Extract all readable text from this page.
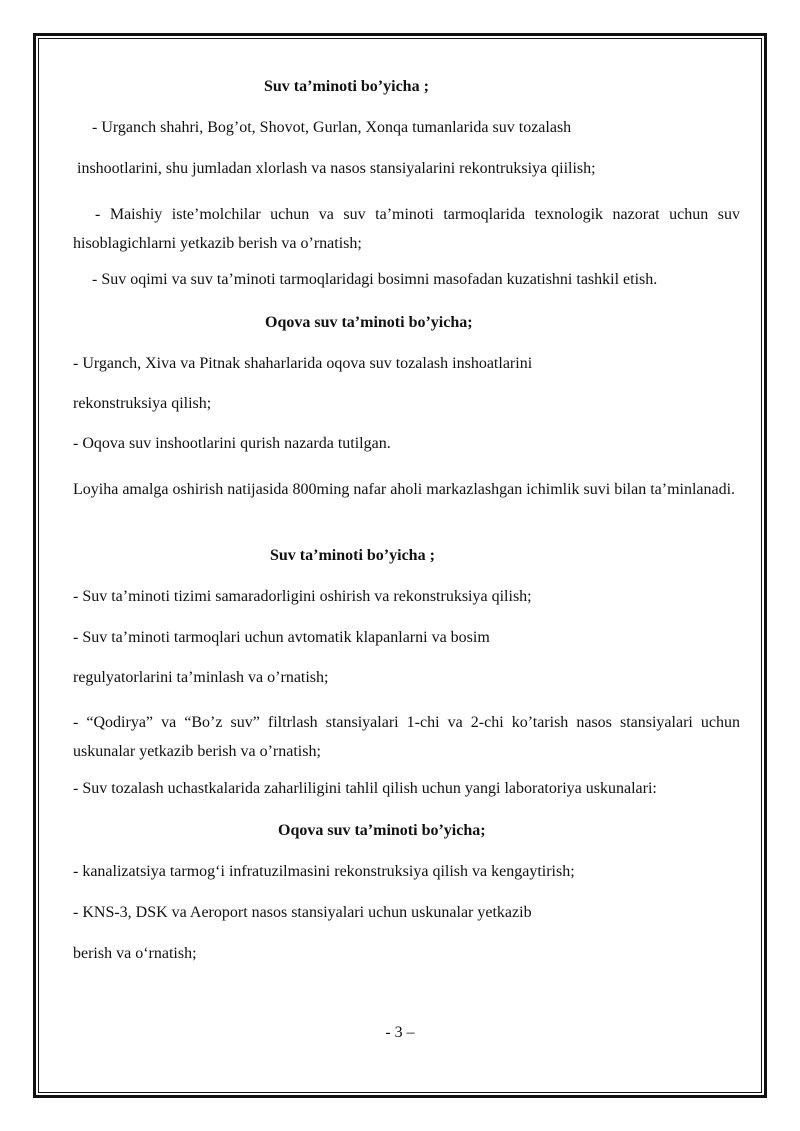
Suv ta’minoti bo’yicha ;
- Urganch shahri, Bog’ot, Shovot, Gurlan, Xonqa tumanlarida suv tozalash
inshootlarini, shu jumladan xlorlash va nasos stansiyalarini rekontruksiya qiilish;
- Maishiy iste’molchilar uchun va suv ta’minoti tarmoqlarida texnologik nazorat uchun suv hisoblagichlarni yetkazib berish va o’rnatish;
- Suv oqimi va suv ta’minoti tarmoqlaridagi bosimni masofadan kuzatishni tashkil etish.
Oqova suv ta’minoti bo’yicha;
- Urganch, Xiva va Pitnak shaharlarida oqova suv tozalash inshoatlarini
rekonstruksiya qilish;
- Oqova suv inshootlarini qurish nazarda tutilgan.
Loyiha amalga oshirish natijasida 800ming nafar aholi markazlashgan ichimlik suvi bilan ta’minlanadi.
Suv ta’minoti bo’yicha ;
- Suv ta’minoti tizimi samaradorligini oshirish va rekonstruksiya qilish;
- Suv ta’minoti tarmoqlari uchun avtomatik klapanlarni va bosim
regulyatorlarini ta’minlash va o’rnatish;
- “Qodirya” va “Bo’z suv” filtrlash stansiyalari 1-chi va 2-chi ko’tarish nasos stansiyalari uchun uskunalar yetkazib berish va o’rnatish;
- Suv tozalash uchastkalarida zaharliligini tahlil qilish uchun yangi laboratoriya uskunalari:
Oqova suv ta’minoti bo’yicha;
- kanalizatsiya tarmog‘i infratuzilmasini rekonstruksiya qilish va kengaytirish;
- KNS-3, DSK va Aeroport nasos stansiyalari uchun uskunalar yetkazib
berish va o‘rnatish;
- 3 –
